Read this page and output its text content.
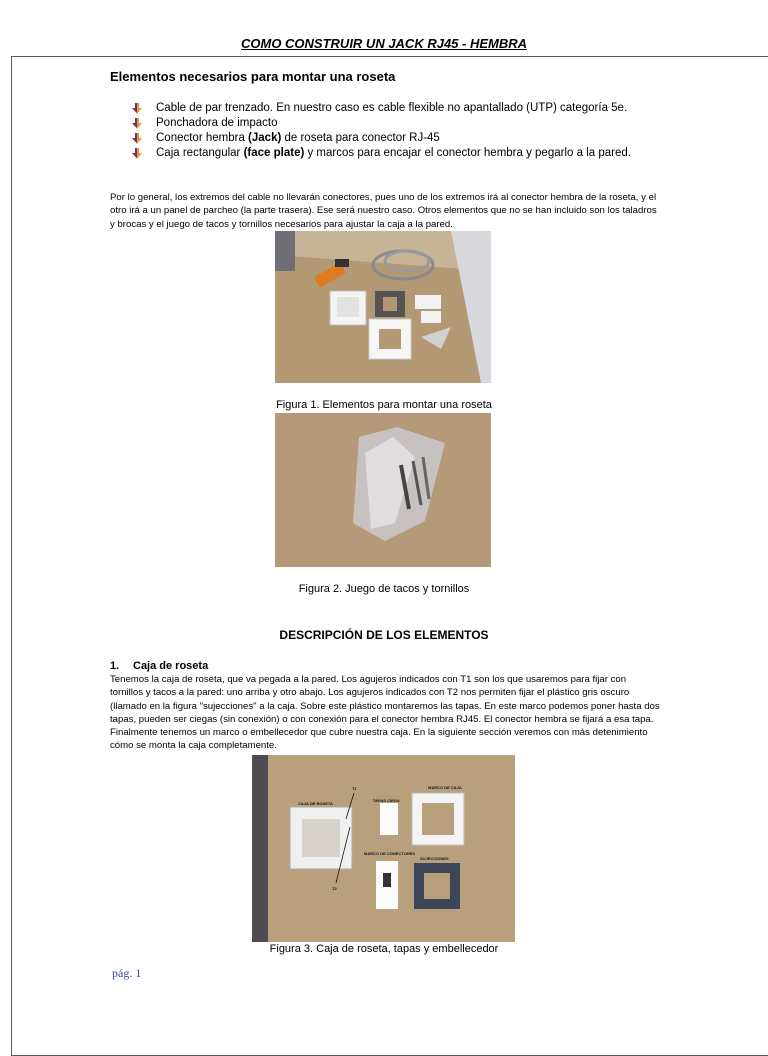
COMO CONSTRUIR UN JACK RJ45 - HEMBRA
Elementos necesarios para montar una roseta
Cable de par trenzado. En nuestro caso es cable flexible no apantallado (UTP) categoría 5e.
Ponchadora de impacto
Conector hembra (Jack) de roseta para conector RJ-45
Caja rectangular (face plate) y marcos para encajar el conector hembra y pegarlo a la pared.
Por lo general, los extremos del cable no llevarán conectores, pues uno de los extremos irá al conector hembra de la roseta, y el otro irá a un panel de parcheo (la parte trasera). Ese será nuestro caso. Otros elementos que no se han incluido son los taladros y brocas y el juego de tacos y tornillos necesarios para ajustar la caja a la pared.
Figura 1. Elementos para montar una roseta
Figura 2. Juego de tacos y tornillos
DESCRIPCIÓN DE LOS ELEMENTOS
1. Caja de roseta
Tenemos la caja de roseta, que va pegada a la pared. Los agujeros indicados con T1 son los que usaremos para fijar con tornillos y tacos a la pared: uno arriba y otro abajo. Los agujeros indicados con T2 nos permiten fijar el plástico gris oscuro (llamado en la figura "sujecciones" a la caja. Sobre este plástico montaremos las tapas. En este marco podemos poner hasta dos tapas, pueden ser ciegas (sin conexión) o con conexión para el conector hembra RJ45. El conector hembra se fijará a esa tapa. Finalmente tenemos un marco o embellecedor que cubre nuestra caja. En la siguiente sección veremos con más detenimiento cómo se monta la caja completamente.
CAJA DE ROSETA
T1
TAPAS CIEGA
MARCO DE CAJA
MARCO DE CONECTORES
SUJECCIONES
T2
Figura 3. Caja de roseta, tapas y embellecedor
pág. 1
